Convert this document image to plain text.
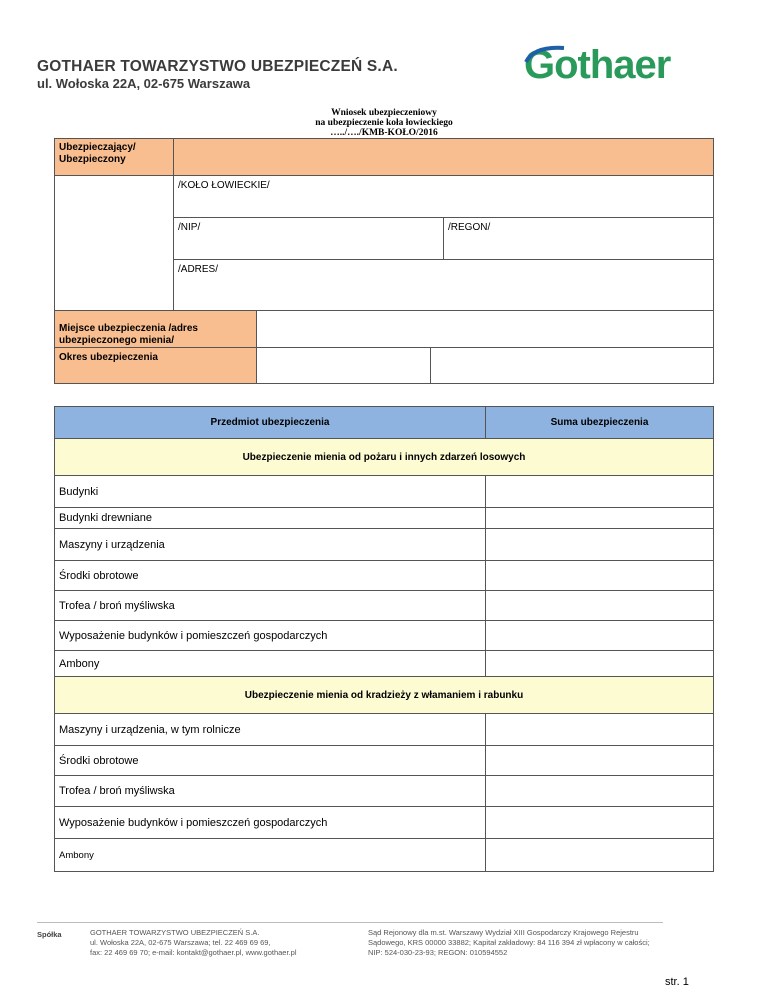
GOTHAER TOWARZYSTWO UBEZPIECZEŃ S.A.
ul. Wołoska 22A, 02-675 Warszawa	Gothaer
Wniosek ubezpieczeniowy
na ubezpieczenie koła łowieckiego
…../…./KMB-KOŁO/2016
Ubezpieczający/ Ubezpieczony
/KOŁO ŁOWIECKIE/
/NIP/	/REGON/
/ADRES/
Miejsce ubezpieczenia /adres ubezpieczonego mienia/
Okres ubezpieczenia
Przedmiot ubezpieczenia	Suma ubezpieczenia
Ubezpieczenie mienia od pożaru i innych zdarzeń losowych
Budynki
Budynki drewniane
Maszyny i urządzenia
Środki obrotowe
Trofea / broń myśliwska
Wyposażenie budynków i pomieszczeń gospodarczych
Ambony
Ubezpieczenie mienia od kradzieży z włamaniem i rabunku
Maszyny i urządzenia, w tym rolnicze
Środki obrotowe
Trofea / broń myśliwska
Wyposażenie budynków i pomieszczeń gospodarczych
Ambony
Spółka	GOTHAER TOWARZYSTWO UBEZPIECZEŃ S.A.
ul. Wołoska 22A, 02-675 Warszawa; tel. 22 469 69 69,
fax: 22 469 69 70; e-mail: kontakt@gothaer.pl, www.gothaer.pl
Sąd Rejonowy dla m.st. Warszawy Wydział XIII Gospodarczy Krajowego Rejestru
Sądowego, KRS 00000 33882; Kapitał zakładowy: 84 116 394 zł wpłacony w całości;
NIP: 524-030-23-93; REGON: 010594552
str. 1
